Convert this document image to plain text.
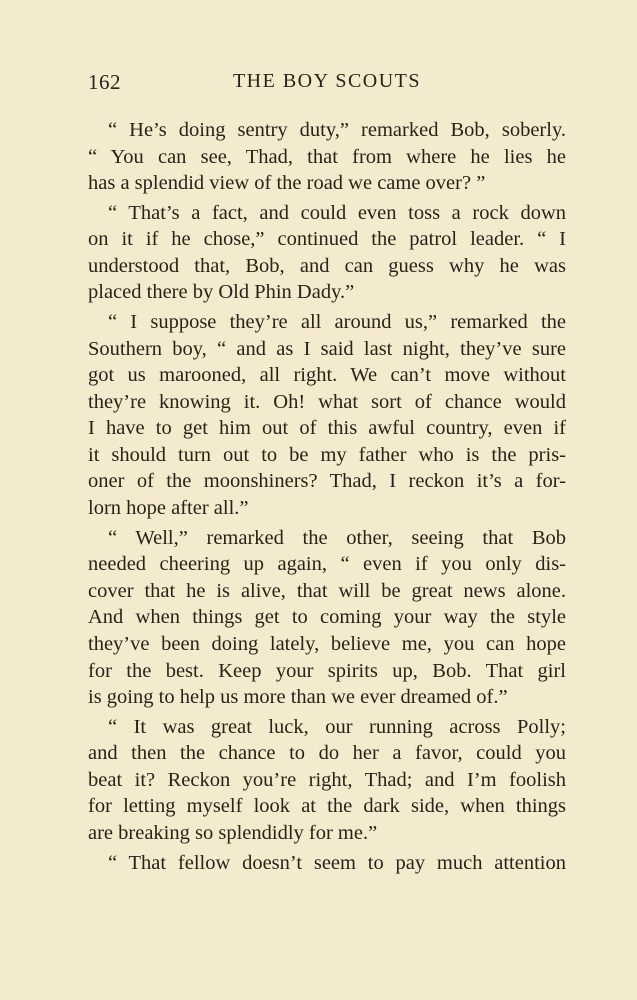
162	THE BOY SCOUTS
“ He’s doing sentry duty,” remarked Bob, soberly.
“ You can see, Thad, that from where he lies he
has a splendid view of the road we came over? ”
“ That’s a fact, and could even toss a rock down
on it if he chose,” continued the patrol leader. “ I
understood that, Bob, and can guess why he was
placed there by Old Phin Dady.”
“ I suppose they’re all around us,” remarked the
Southern boy, “ and as I said last night, they’ve sure
got us marooned, all right. We can’t move without
they’re knowing it. Oh! what sort of chance would
I have to get him out of this awful country, even if
it should turn out to be my father who is the pris-
oner of the moonshiners? Thad, I reckon it’s a for-
lorn hope after all.”
“ Well,” remarked the other, seeing that Bob
needed cheering up again, “ even if you only dis-
cover that he is alive, that will be great news alone.
And when things get to coming your way the style
they’ve been doing lately, believe me, you can hope
for the best. Keep your spirits up, Bob. That girl
is going to help us more than we ever dreamed of.”
“ It was great luck, our running across Polly;
and then the chance to do her a favor, could you
beat it? Reckon you’re right, Thad; and I’m foolish
for letting myself look at the dark side, when things
are breaking so splendidly for me.”
“ That fellow doesn’t seem to pay much attention
